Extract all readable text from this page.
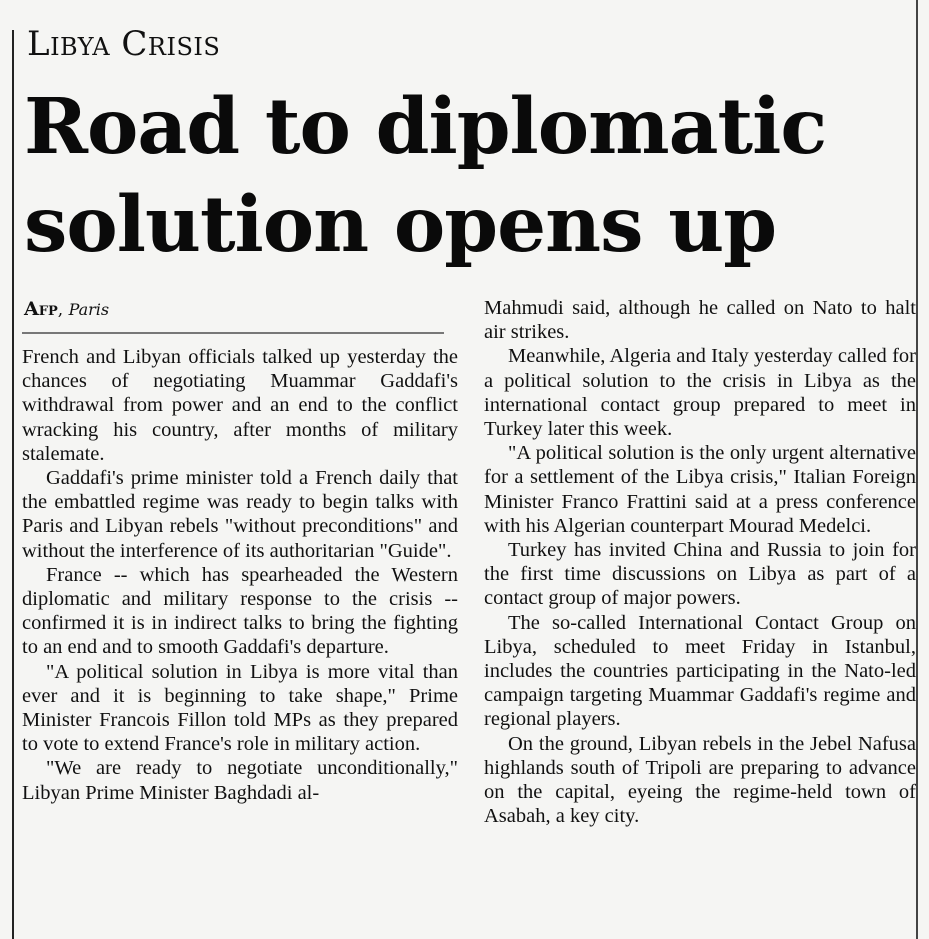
Libya Crisis
Road to diplomatic solution opens up
Afp, Paris

French and Libyan officials talked up yesterday the chances of negotiating Muammar Gaddafi's withdrawal from power and an end to the conflict wracking his country, after months of military stalemate.

Gaddafi's prime minister told a French daily that the embattled regime was ready to begin talks with Paris and Libyan rebels "without preconditions" and without the interference of its authoritarian "Guide".

France -- which has spearheaded the Western diplomatic and military response to the crisis -- confirmed it is in indirect talks to bring the fighting to an end and to smooth Gaddafi's departure.

"A political solution in Libya is more vital than ever and it is beginning to take shape," Prime Minister Francois Fillon told MPs as they prepared to vote to extend France's role in military action.

"We are ready to negotiate unconditionally," Libyan Prime Minister Baghdadi al-

Mahmudi said, although he called on Nato to halt air strikes.

Meanwhile, Algeria and Italy yesterday called for a political solution to the crisis in Libya as the international contact group prepared to meet in Turkey later this week.

"A political solution is the only urgent alternative for a settlement of the Libya crisis," Italian Foreign Minister Franco Frattini said at a press conference with his Algerian counterpart Mourad Medelci.

Turkey has invited China and Russia to join for the first time discussions on Libya as part of a contact group of major powers.

The so-called International Contact Group on Libya, scheduled to meet Friday in Istanbul, includes the countries participating in the Nato-led campaign targeting Muammar Gaddafi's regime and regional players.

On the ground, Libyan rebels in the Jebel Nafusa highlands south of Tripoli are preparing to advance on the capital, eyeing the regime-held town of Asabah, a key city.
